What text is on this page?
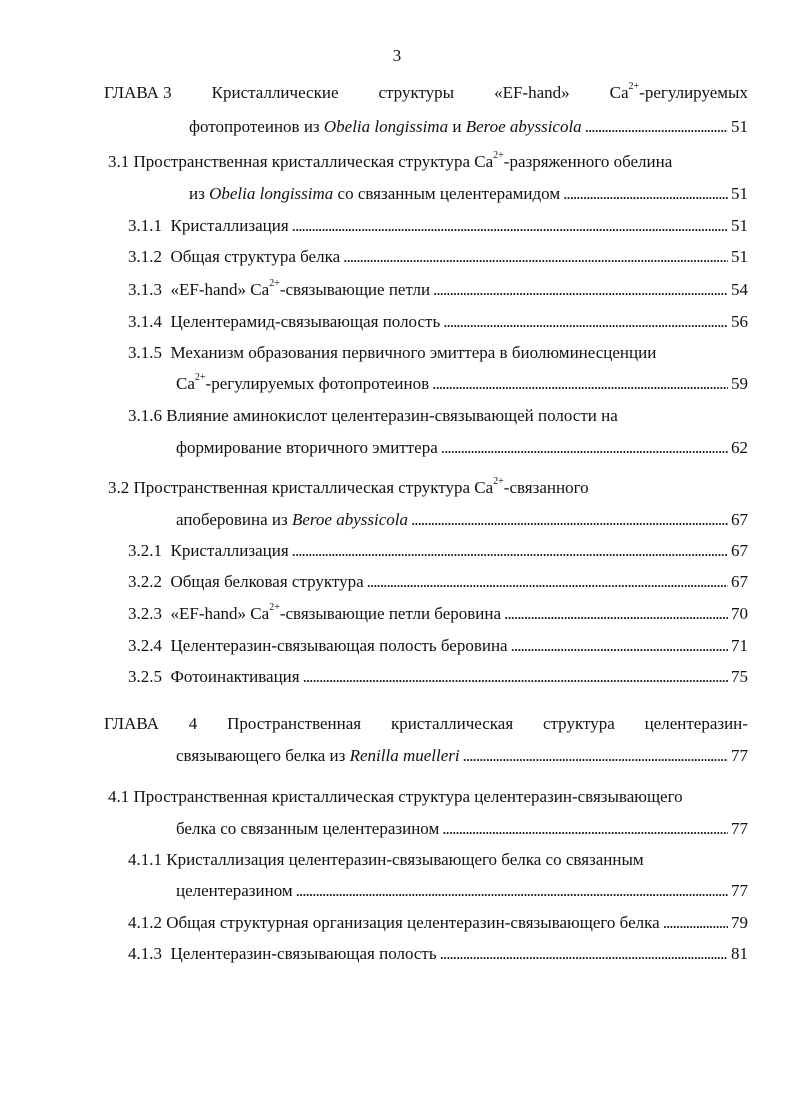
3
ГЛАВА 3 Кристаллические структуры «EF-hand» $Ca^{2+}$-регулируемых
фотопротеинов из Obelia longissima и Beroe abyssicola . . .	51
3.1 Пространственная кристаллическая структура $Ca^{2+}$-разряженного обелина
из Obelia longissima со связанным целентерамидом . . .	51
3.1.1 Кристаллизация . . .	51
3.1.2 Общая структура белка . . .	51
3.1.3 «EF-hand» $Ca^{2+}$-связывающие петли . . .	54
3.1.4 Целентерамид-связывающая полость . . .	56
3.1.5 Механизм образования первичного эмиттера в биолюминесценции
$Ca^{2+}$-регулируемых фотопротеинов . . .	59
3.1.6 Влияние аминокислот целентеразин-связывающей полости на
формирование вторичного эмиттера . . .	62
3.2 Пространственная кристаллическая структура $Ca^{2+}$-связанного
апоберовина из Beroe abyssicola . . .	67
3.2.1 Кристаллизация . . .	67
3.2.2 Общая белковая структура . . .	67
3.2.3 «EF-hand» $Ca^{2+}$-связывающие петли беровина . . .	70
3.2.4 Целентеразин-связывающая полость беровина . . .	71
3.2.5 Фотоинактивация . . .	75
ГЛАВА 4 Пространственная кристаллическая структура целентеразин-
связывающего белка из Renilla muelleri . . .	77
4.1 Пространственная кристаллическая структура целентеразин-связывающего
белка со связанным целентеразином . . .	77
4.1.1 Кристаллизация целентеразин-связывающего белка со связанным
целентеразином . . .	77
4.1.2 Общая структурная организация целентеразин-связывающего белка . . .	79
4.1.3 Целентеразин-связывающая полость . . .	81
